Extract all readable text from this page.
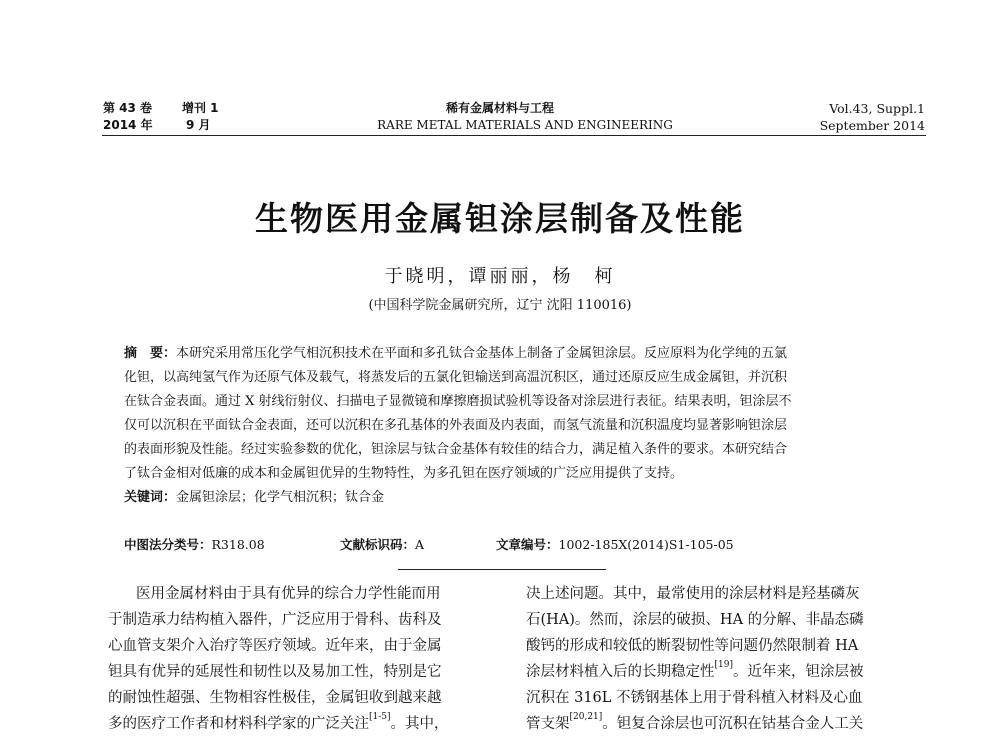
第 43 卷 增刊 1
2014 年	9 月
稀有金属材料与工程
RARE METAL MATERIALS AND ENGINEERING
Vol.43, Suppl.1
September 2014
生物医用金属钽涂层制备及性能
于晓明，谭丽丽，杨　柯
(中国科学院金属研究所，辽宁 沈阳 110016)
摘　要：本研究采用常压化学气相沉积技术在平面和多孔钛合金基体上制备了金属钽涂层。反应原料为化学纯的五氯
化钽，以高纯氢气作为还原气体及载气，将蒸发后的五氯化钽输送到高温沉积区，通过还原反应生成金属钽，并沉积
在钛合金表面。通过 X 射线衍射仪、扫描电子显微镜和摩擦磨损试验机等设备对涂层进行表征。结果表明，钽涂层不
仅可以沉积在平面钛合金表面，还可以沉积在多孔基体的外表面及内表面，而氢气流量和沉积温度均显著影响钽涂层
的表面形貌及性能。经过实验参数的优化，钽涂层与钛合金基体有较佳的结合力，满足植入条件的要求。本研究结合
了钛合金相对低廉的成本和金属钽优异的生物特性，为多孔钽在医疗领域的广泛应用提供了支持。
关键词：金属钽涂层；化学气相沉积；钛合金
中图法分类号：R318.08	文献标识码：A	文章编号：1002-185X(2014)S1-105-05
医用金属材料由于具有优异的综合力学性能而用
于制造承力结构植入器件，广泛应用于骨科、齿科及
心血管支架介入治疗等医疗领域。近年来，由于金属
钽具有优异的延展性和韧性以及易加工性，特别是它
的耐蚀性超强、生物相容性极佳，金属钽收到越来越
多的医疗工作者和材料科学家的广泛关注[1-5]。其中，
决上述问题。其中，最常使用的涂层材料是羟基磷灰
石(HA)。然而，涂层的破损、HA 的分解、非晶态磷
酸钙的形成和较低的断裂韧性等问题仍然限制着 HA
涂层材料植入后的长期稳定性[19]。近年来，钽涂层被
沉积在 316L 不锈钢基体上用于骨科植入材料及心血
管支架[20,21]。钽复合涂层也可沉积在钴基合金人工关
